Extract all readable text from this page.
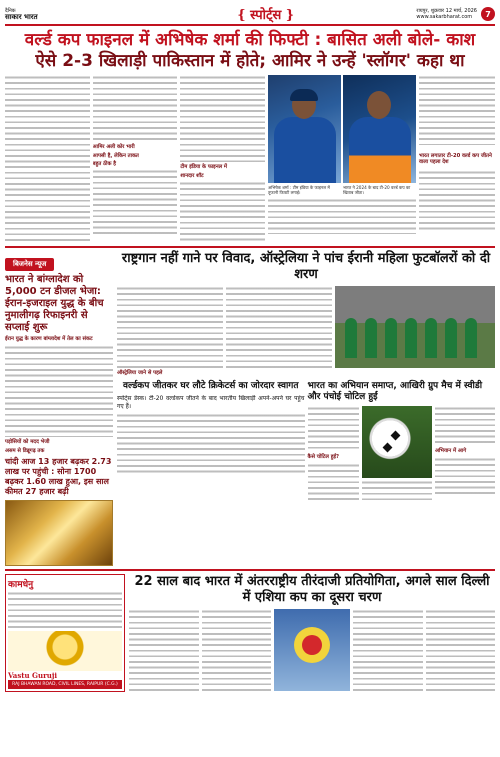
दैनिक
साकार भारत	{ स्पोर्ट्स }	रायपुर, शुक्रवार 12 मार्च, 2026
www.sakarbharat.com	7
वर्ल्ड कप फाइनल में अभिषेक शर्मा की फिफ्टी : बासित अली बोले- काश
ऐसे 2-3 खिलाड़ी पाकिस्तान में होते; आमिर ने उन्हें 'स्लॉगर' कहा था
आमिर अली कोर भारी
आपसी है, लेकिन ताकत
बहुत ठीक है
टीम इंडिया के फाइनल में
शानदार शॉट
अभिषेक शर्मा : टीम इंडिया के फाइनल में तूफानी फिफ्टी लगाई।
भारत ने 2024 के बाद टी-20 वर्ल्ड कप का खिताब जीता।
भारत लगातार टी-20 वर्ल्ड कप जीतने वाला पहला देश
बिजनेस न्यूज
भारत ने बांग्लादेश को 5,000 टन डीजल भेजा: ईरान-इजराइल युद्ध के बीच नुमालीगढ़ रिफाइनरी से सप्लाई शुरू
ईरान युद्ध के कारण बांग्लादेश में तेल का संकट
पड़ोसियों को मदद भेजी
असम से डिब्रूगढ़ तक
चांदी आज 13 हजार बढ़कर 2.73 लाख पर पहुंची : सोना 1700 बढ़कर 1.60 लाख हुआ, इस साल कीमत 27 हजार बढ़ी
राष्ट्रगान नहीं गाने पर विवाद, ऑस्ट्रेलिया ने पांच ईरानी महिला फुटबॉलरों को दी शरण
ऑस्ट्रेलिया जाने से पहले
वर्ल्डकप जीतकर घर लौटे क्रिकेटर्स का जोरदार स्वागत
स्पोर्ट्स डेस्क। टी-20 वर्ल्डकप जीतने के बाद भारतीय खिलाड़ी अपने-अपने घर पहुंच गए हैं।
भारत का अभियान समाप्त, आखिरी ग्रुप मैच में स्वीडी और पंचोई चोटिल हुईं
कैसे चोटिल हुईं?
अभियान में आगे
कामधेनु
Vastu Guruji
RAJ BHAWAN ROAD, CIVIL LINES, RAIPUR (C.G.)
22 साल बाद भारत में अंतरराष्ट्रीय तीरंदाजी प्रतियोगिता, अगले साल दिल्ली में एशिया कप का दूसरा चरण
